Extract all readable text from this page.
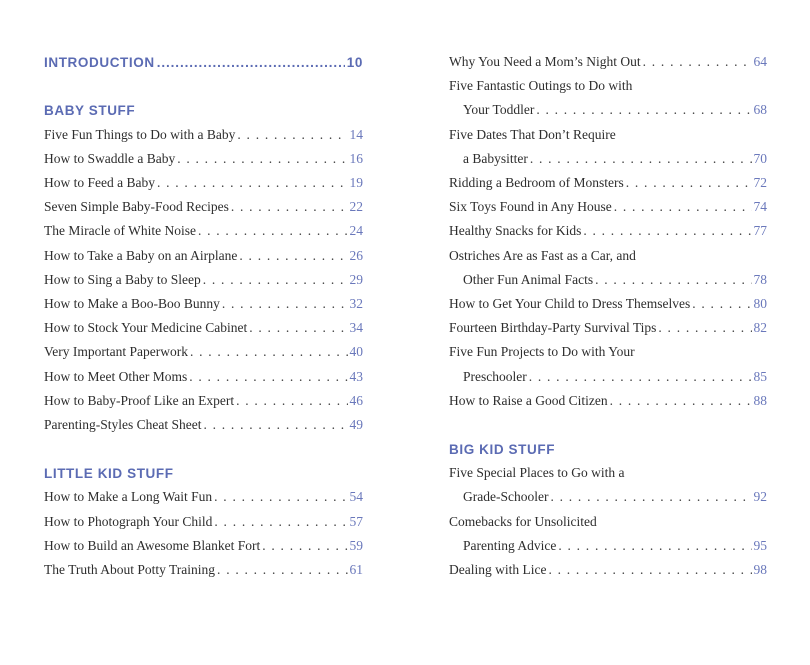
INTRODUCTION .....	10
BABY STUFF
Five Fun Things to Do with a Baby . . .	14
How to Swaddle a Baby . . .	16
How to Feed a Baby . . .	19
Seven Simple Baby-Food Recipes . . .	22
The Miracle of White Noise . . .	24
How to Take a Baby on an Airplane . . .	26
How to Sing a Baby to Sleep . . .	29
How to Make a Boo-Boo Bunny . . .	32
How to Stock Your Medicine Cabinet . . .	34
Very Important Paperwork . . .	40
How to Meet Other Moms . . .	43
How to Baby-Proof Like an Expert . . .	46
Parenting-Styles Cheat Sheet . . .	49
LITTLE KID STUFF
How to Make a Long Wait Fun . . .	54
How to Photograph Your Child . . .	57
How to Build an Awesome Blanket Fort . . .	59
The Truth About Potty Training . . .	61
Why You Need a Mom’s Night Out . . .	64
Five Fantastic Outings to Do with
Your Toddler . . .	68
Five Dates That Don’t Require
a Babysitter . . .	70
Ridding a Bedroom of Monsters . . .	72
Six Toys Found in Any House . . .	74
Healthy Snacks for Kids . . .	77
Ostriches Are as Fast as a Car, and
Other Fun Animal Facts . . .	78
How to Get Your Child to Dress Themselves . . .	80
Fourteen Birthday-Party Survival Tips . . .	82
Five Fun Projects to Do with Your
Preschooler . . .	85
How to Raise a Good Citizen . . .	88
BIG KID STUFF
Five Special Places to Go with a
Grade-Schooler . . .	92
Comebacks for Unsolicited
Parenting Advice . . .	95
Dealing with Lice . . .	98
